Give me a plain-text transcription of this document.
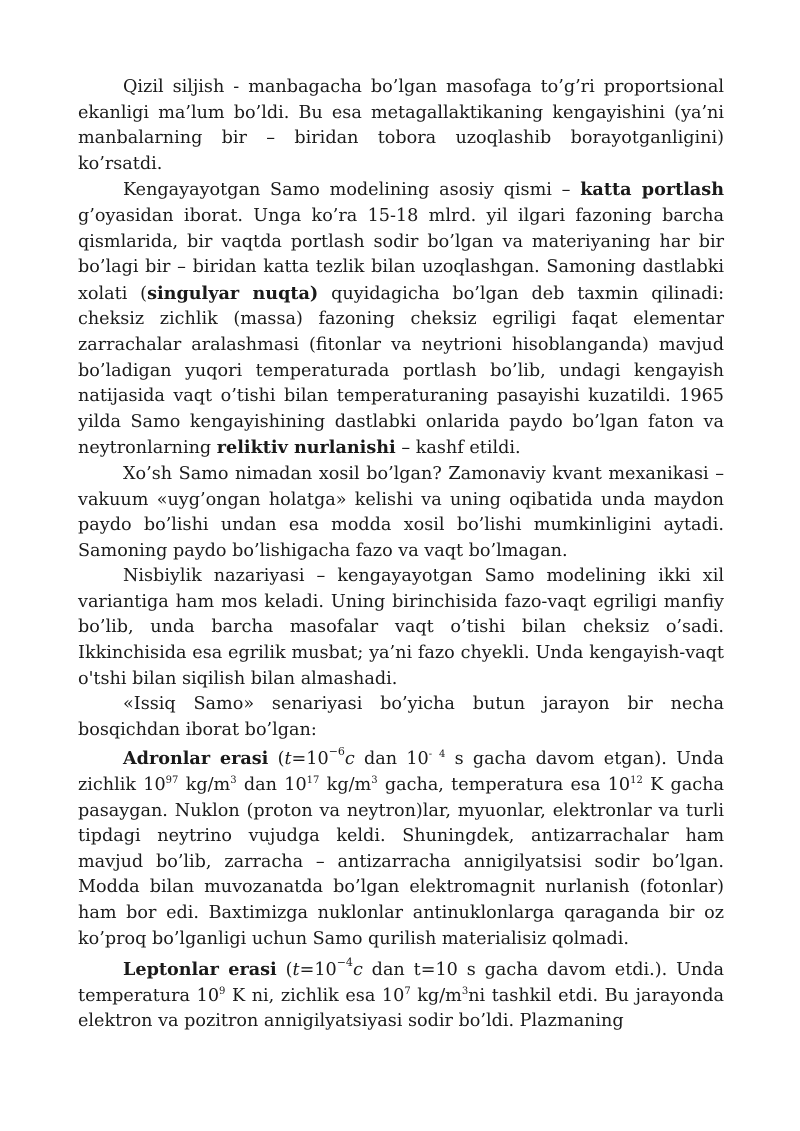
Qizil siljish - manbagacha bo’lgan masofaga to’g’ri proportsional ekanligi ma’lum bo’ldi. Bu esa metagallaktikaning kengayishini (ya’ni manbalarning bir – biridan tobora uzoqlashib borayotganligini) ko’rsatdi.

Kengayayotgan Samo modelining asosiy qismi – katta portlash g’oyasidan iborat. Unga ko’ra 15-18 mlrd. yil ilgari fazoning barcha qismlarida, bir vaqtda portlash sodir bo’lgan va materiyaning har bir bo’lagi bir – biridan katta tezlik bilan uzoqlashgan. Samoning dastlabki xolati (singulyar nuqta) quyidagicha bo’lgan deb taxmin qilinadi: cheksiz zichlik (massa) fazoning cheksiz egriligi faqat elementar zarrachalar aralashmasi (fitonlar va neytrioni hisoblanganda) mavjud bo’ladigan yuqori temperaturada portlash bo’lib, undagi kengayish natijasida vaqt o’tishi bilan temperaturaning pasayishi kuzatildi. 1965 yilda Samo kengayishining dastlabki onlarida paydo bo’lgan faton va neytronlarning reliktiv nurlanishi – kashf etildi.

Xo’sh Samo nimadan xosil bo’lgan? Zamonaviy kvant mexanikasi – vakuum «uyg’ongan holatga» kelishi va uning oqibatida unda maydon paydo bo’lishi undan esa modda xosil bo’lishi mumkinligini aytadi. Samoning paydo bo’lishigacha fazo va vaqt bo’lmagan.

Nisbiylik nazariyasi – kengayayotgan Samo modelining ikki xil variantiga ham mos keladi. Uning birinchisida fazo-vaqt egriligi manfiy bo’lib, unda barcha masofalar vaqt o’tishi bilan cheksiz o’sadi. Ikkinchisida esa egrilik musbat; ya’ni fazo chyekli. Unda kengayish-vaqt o'tshi bilan siqilish bilan almashadi.

«Issiq Samo» senariyasi bo’yicha butun jarayon bir necha bosqichdan iborat bo’lgan:

Adronlar erasi ($t=10^{-6}c$ dan $10^{- 4}$ s gacha davom etgan). Unda zichlik $10^{97}$ $kg/m^3$ dan $10^{17}$ $kg/m^3$ gacha, temperatura esa $10^{12}$ K gacha pasaygan. Nuklon (proton va neytron)lar, myuonlar, elektronlar va turli tipdagi neytrino vujudga keldi. Shuningdek, antizarrachalar ham mavjud bo’lib, zarracha – antizarracha annigilyatsisi sodir bo’lgan. Modda bilan muvozanatda bo’lgan elektromagnit nurlanish (fotonlar) ham bor edi. Baxtimizga nuklonlar antinuklonlarga qaraganda bir oz ko’proq bo’lganligi uchun Samo qurilish materialisiz qolmadi.

Leptonlar erasi ($t=10^{-4}c$ dan t=10 s gacha davom etdi.). Unda temperatura $10^9$ K ni, zichlik esa $10^7$ $kg/m^3ni$ tashkil etdi. Bu jarayonda elektron va pozitron annigilyatsiyasi sodir bo’ldi. Plazmaning
